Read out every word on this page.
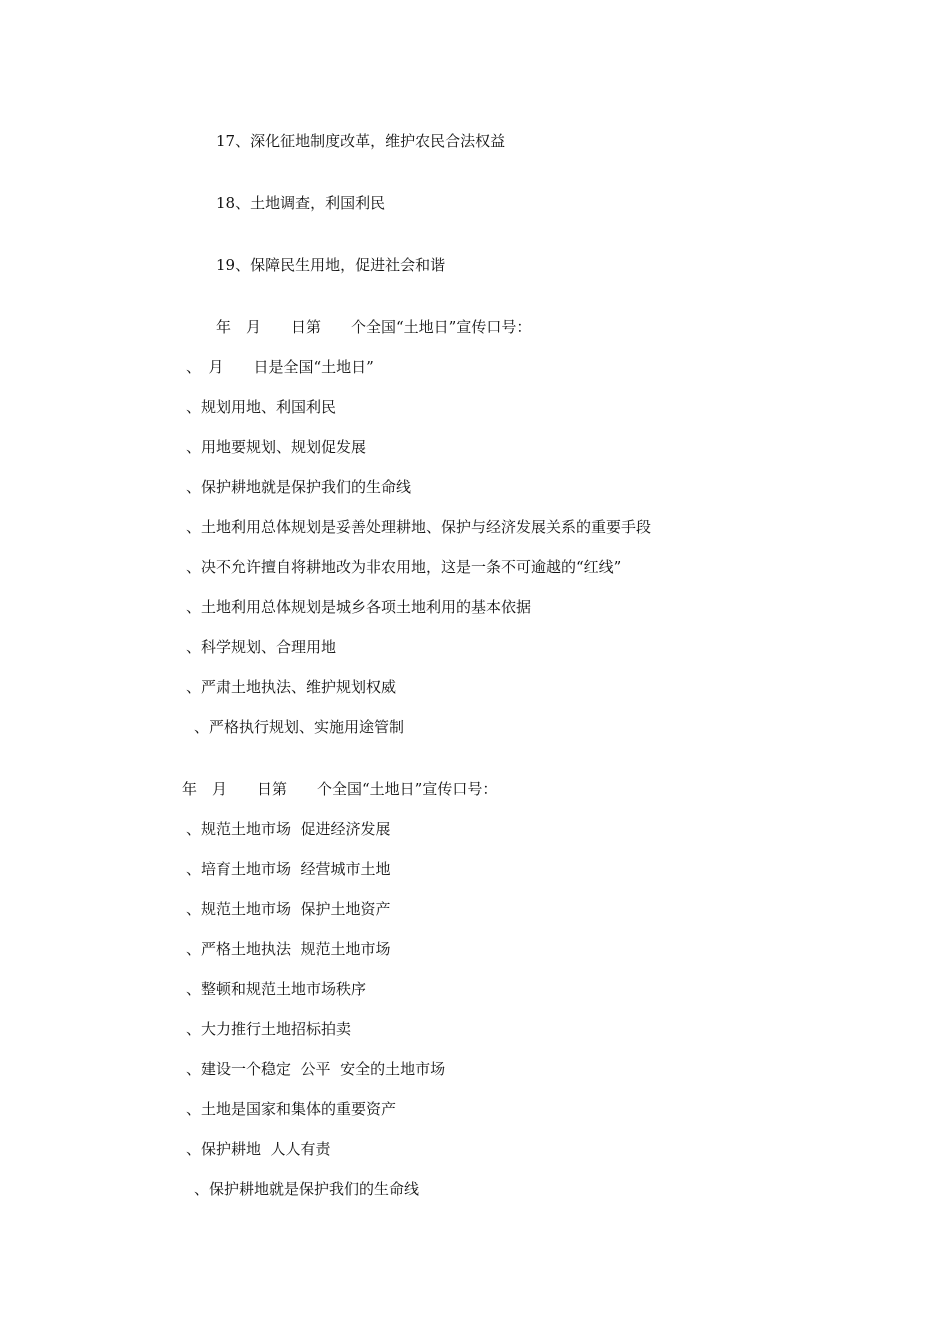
17、深化征地制度改革，维护农民合法权益
18、土地调查，利国利民
19、保障民生用地，促进社会和谐
年　月　　日第　　个全国“土地日”宣传口号：
、　月　　日是全国“土地日”
、规划用地、利国利民
、用地要规划、规划促发展
、保护耕地就是保护我们的生命线
、土地利用总体规划是妥善处理耕地、保护与经济发展关系的重要手段
、决不允许擅自将耕地改为非农用地，这是一条不可逾越的“红线”
、土地利用总体规划是城乡各项土地利用的基本依据
、科学规划、合理用地
、严肃土地执法、维护规划权威
、严格执行规划、实施用途管制
年　月　　日第　　个全国“土地日”宣传口号：
、规范土地市场  促进经济发展
、培育土地市场  经营城市土地
、规范土地市场  保护土地资产
、严格土地执法  规范土地市场
、整顿和规范土地市场秩序
、大力推行土地招标拍卖
、建设一个稳定  公平  安全的土地市场
、土地是国家和集体的重要资产
、保护耕地  人人有责
、保护耕地就是保护我们的生命线
